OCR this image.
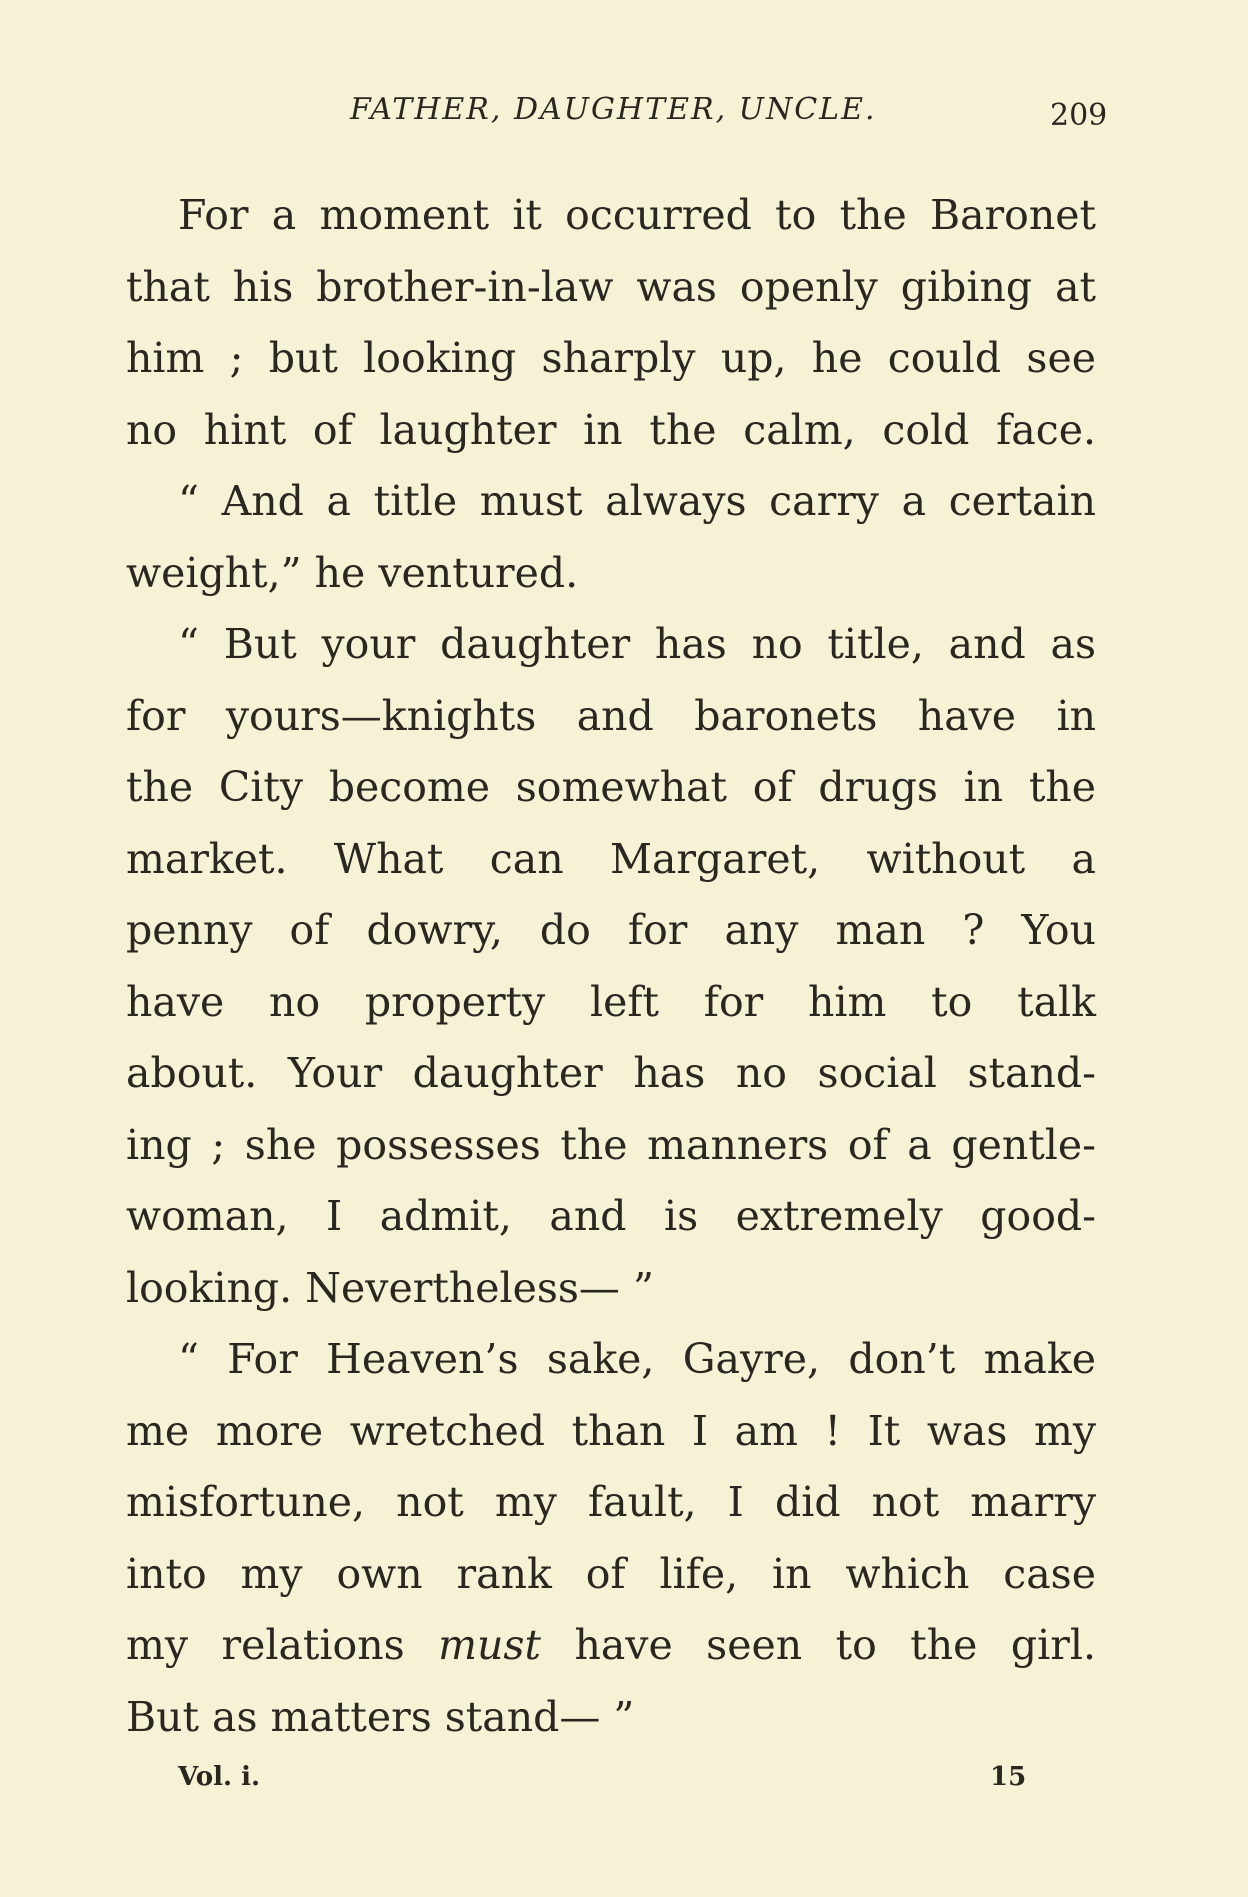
FATHER, DAUGHTER, UNCLE.	209
For a moment it occurred to the Baronet
that his brother-in-law was openly gibing at
him ; but looking sharply up, he could see
no hint of laughter in the calm, cold face.
“ And a title must always carry a certain
weight,” he ventured.
“ But your daughter has no title, and as
for yours—knights and baronets have in
the City become somewhat of drugs in the
market. What can Margaret, without a
penny of dowry, do for any man ? You
have no property left for him to talk
about. Your daughter has no social stand-
ing ; she possesses the manners of a gentle-
woman, I admit, and is extremely good-
looking. Nevertheless— ”
“ For Heaven’s sake, Gayre, don’t make
me more wretched than I am ! It was my
misfortune, not my fault, I did not marry
into my own rank of life, in which case
my relations must have seen to the girl.
But as matters stand— ”
Vol. i.	15
